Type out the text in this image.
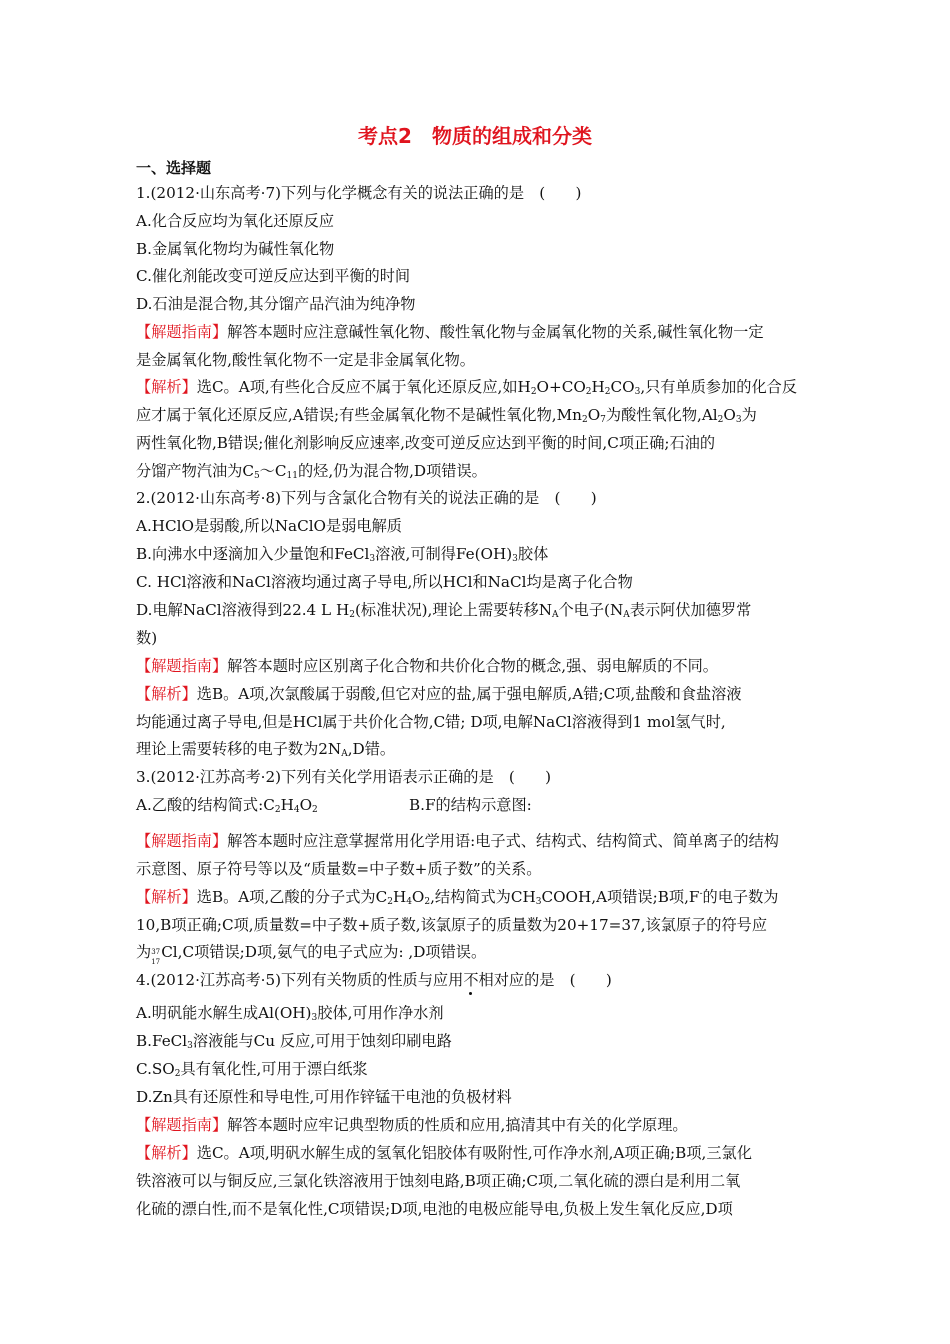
考点2　物质的组成和分类
一、选择题
1.(2012·山东高考·7)下列与化学概念有关的说法正确的是　 (　　)
A.化合反应均为氧化还原反应
B.金属氧化物均为碱性氧化物
C.催化剂能改变可逆反应达到平衡的时间
D.石油是混合物,其分馏产品汽油为纯净物
【解题指南】解答本题时应注意碱性氧化物、酸性氧化物与金属氧化物的关系,碱性氧化物一定
是金属氧化物,酸性氧化物不一定是非金属氧化物。
【解析】选C。A项,有些化合反应不属于氧化还原反应,如$H_2O+CO_2H_2CO_3$,只有单质参加的化合反
应才属于氧化还原反应,A错误;有些金属氧化物不是碱性氧化物$,Mn_2O_7$为酸性氧化物$,Al_2O_3$为
两性氧化物,B错误;催化剂影响反应速率,改变可逆反应达到平衡的时间,C项正确;石油的
分馏产物汽油为$C_5\sim C_{11}$的烃,仍为混合物,D项错误。
2.(2012·山东高考·8)下列与含氯化合物有关的说法正确的是　 (　　)
A.HClO是弱酸,所以NaClO是弱电解质
B.向沸水中逐滴加入少量饱和FeCl$_3$溶液,可制得$Fe(OH)_3$胶体
C. HCl溶液和NaCl溶液均通过离子导电,所以HCl和NaCl均是离子化合物
D.电解NaCl溶液得到22.4 L $H_2$(标准状况),理论上需要转移$N_A$个电子($N_A$表示阿伏加德罗常
数)
【解题指南】解答本题时应区别离子化合物和共价化合物的概念,强、弱电解质的不同。
【解析】选B。A项,次氯酸属于弱酸,但它对应的盐,属于强电解质,A错;C项,盐酸和食盐溶液
均能通过离子导电,但是HCl属于共价化合物,C错; D项,电解NaCl溶液得到1 mol氢气时,
理论上需要转移的电子数为$2N_A,D$错。
3.(2012·江苏高考·2)下列有关化学用语表示正确的是　 (　　)
A.乙酸的结构简式$:C_2H_4O_2$	B.F的结构示意图:
【解题指南】解答本题时应注意掌握常用化学用语:电子式、结构式、结构简式、简单离子的结构
示意图、原子符号等以及“质量数=中子数+质子数”的关系。
【解析】选B。A项,乙酸的分子式为$C_2H_4O_2$,结构简式为$CH_3COOH,A$项错误;B项,F-的电子数为
10,B项正确;C项,质量数=中子数+质子数,该氯原子的质量数为20+17=37,该氯原子的符号应
为 37
17
Cl,C项错误;D项,氨气的电子式应为: ,D项错误。
4.(2012·江苏高考·5)下列有关物质的性质与应用不相对应的是　 (　　)
A.明矾能水解生成$Al(OH)_3$胶体,可用作净水剂
B.FeCl$_3$溶液能与Cu 反应,可用于蚀刻印刷电路
$C.SO_2$具有氧化性,可用于漂白纸浆
D.Zn具有还原性和导电性,可用作锌锰干电池的负极材料
【解题指南】解答本题时应牢记典型物质的性质和应用,搞清其中有关的化学原理。
【解析】选C。A项,明矾水解生成的氢氧化铝胶体有吸附性,可作净水剂,A项正确;B项,三氯化
铁溶液可以与铜反应,三氯化铁溶液用于蚀刻电路,B项正确;C项,二氧化硫的漂白是利用二氧
化硫的漂白性,而不是氧化性,C项错误;D项,电池的电极应能导电,负极上发生氧化反应,D项
